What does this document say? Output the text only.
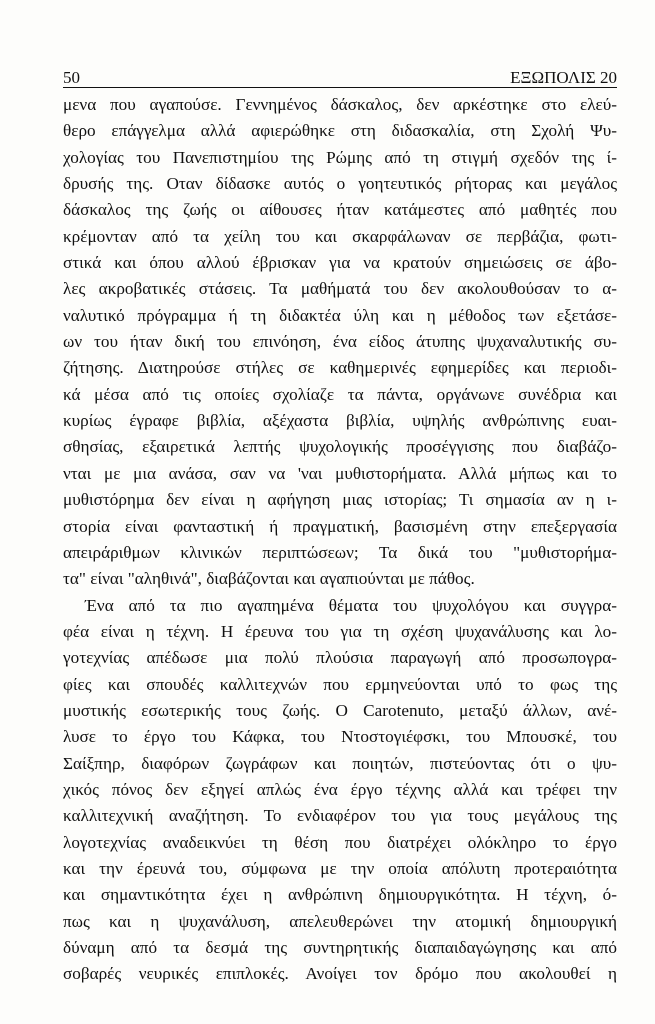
50	ΕΞΩΠΟΛΙΣ 20
μενα που αγαπούσε. Γεννημένος δάσκαλος, δεν αρκέστηκε στο ελεύ-
θερο επάγγελμα αλλά αφιερώθηκε στη διδασκαλία, στη Σχολή Ψυ-
χολογίας του Πανεπιστημίου της Ρώμης από τη στιγμή σχεδόν της ί-
δρυσής της. Οταν δίδασκε αυτός ο γοητευτικός ρήτορας και μεγάλος
δάσκαλος της ζωής οι αίθουσες ήταν κατάμεστες από μαθητές που
κρέμονταν από τα χείλη του και σκαρφάλωναν σε περβάζια, φωτι-
στικά και όπου αλλού έβρισκαν για να κρατούν σημειώσεις σε άβο-
λες ακροβατικές στάσεις. Τα μαθήματά του δεν ακολουθούσαν το α-
ναλυτικό πρόγραμμα ή τη διδακτέα ύλη και η μέθοδος των εξετάσε-
ων του ήταν δική του επινόηση, ένα είδος άτυπης ψυχαναλυτικής συ-
ζήτησης. Διατηρούσε στήλες σε καθημερινές εφημερίδες και περιοδι-
κά μέσα από τις οποίες σχολίαζε τα πάντα, οργάνωνε συνέδρια και
κυρίως έγραφε βιβλία, αξέχαστα βιβλία, υψηλής ανθρώπινης ευαι-
σθησίας, εξαιρετικά λεπτής ψυχολογικής προσέγγισης που διαβάζο-
νται με μια ανάσα, σαν να 'ναι μυθιστορήματα. Αλλά μήπως και το
μυθιστόρημα δεν είναι η αφήγηση μιας ιστορίας; Τι σημασία αν η ι-
στορία είναι φανταστική ή πραγματική, βασισμένη στην επεξεργασία
απειράριθμων κλινικών περιπτώσεων; Τα δικά του "μυθιστορήμα-
τα" είναι "αληθινά", διαβάζονται και αγαπιούνται με πάθος.
Ένα από τα πιο αγαπημένα θέματα του ψυχολόγου και συγγρα-
φέα είναι η τέχνη. Η έρευνα του για τη σχέση ψυχανάλυσης και λο-
γοτεχνίας απέδωσε μια πολύ πλούσια παραγωγή από προσωπογρα-
φίες και σπουδές καλλιτεχνών που ερμηνεύονται υπό το φως της
μυστικής εσωτερικής τους ζωής. Ο Carotenuto, μεταξύ άλλων, ανέ-
λυσε το έργο του Κάφκα, του Ντοστογιέφσκι, του Μπουσκέ, του
Σαίξπηρ, διαφόρων ζωγράφων και ποιητών, πιστεύοντας ότι ο ψυ-
χικός πόνος δεν εξηγεί απλώς ένα έργο τέχνης αλλά και τρέφει την
καλλιτεχνική αναζήτηση. Το ενδιαφέρον του για τους μεγάλους της
λογοτεχνίας αναδεικνύει τη θέση που διατρέχει ολόκληρο το έργο
και την έρευνά του, σύμφωνα με την οποία απόλυτη προτεραιότητα
και σημαντικότητα έχει η ανθρώπινη δημιουργικότητα. Η τέχνη, ό-
πως και η ψυχανάλυση, απελευθερώνει την ατομική δημιουργική
δύναμη από τα δεσμά της συντηρητικής διαπαιδαγώγησης και από
σοβαρές νευρικές επιπλοκές. Ανοίγει τον δρόμο που ακολουθεί η
